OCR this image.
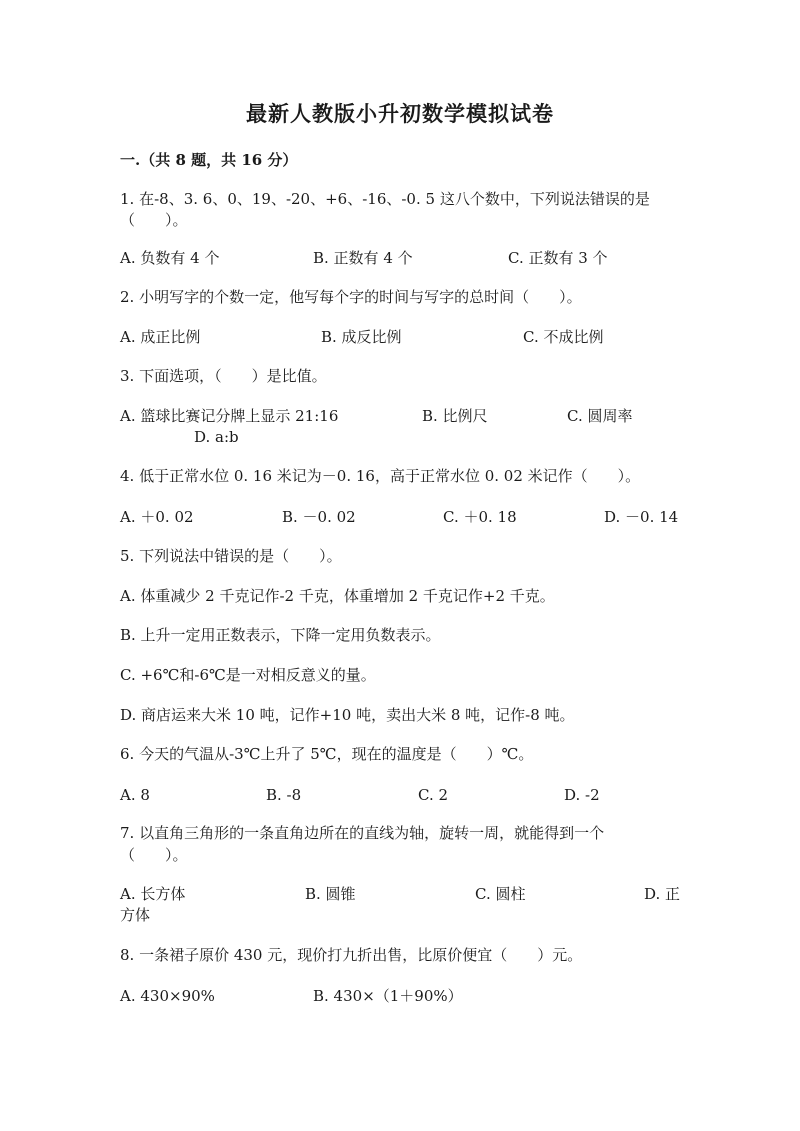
最新人教版小升初数学模拟试卷
一.（共 8 题，共 16 分）
1. 在-8、3. 6、0、19、-20、+6、-16、-0. 5 这八个数中，下列说法错误的是
（　　）。
A. 负数有 4 个	B. 正数有 4 个	C. 正数有 3 个
2. 小明写字的个数一定，他写每个字的时间与写字的总时间（　　）。
A. 成正比例	B. 成反比例	C. 不成比例
3. 下面选项，（　　）是比值。
A. 篮球比赛记分牌上显示 21:16	B. 比例尺	C. 圆周率
D. a:b
4. 低于正常水位 0. 16 米记为－0. 16，高于正常水位 0. 02 米记作（　　）。
A. ＋0. 02	B. －0. 02	C. ＋0. 18	D. －0. 14
5. 下列说法中错误的是（　　）。
A. 体重减少 2 千克记作-2 千克，体重增加 2 千克记作+2 千克。
B. 上升一定用正数表示，下降一定用负数表示。
C. +6℃和-6℃是一对相反意义的量。
D. 商店运来大米 10 吨，记作+10 吨，卖出大米 8 吨，记作-8 吨。
6. 今天的气温从-3℃上升了 5℃，现在的温度是（　　）℃。
A. 8	B. -8	C. 2	D. -2
7. 以直角三角形的一条直角边所在的直线为轴，旋转一周，就能得到一个
（　　）。
A. 长方体	B. 圆锥	C. 圆柱	D. 正
方体
8. 一条裙子原价 430 元，现价打九折出售，比原价便宜（　　）元。
A. 430×90%	B. 430×（1＋90%）
